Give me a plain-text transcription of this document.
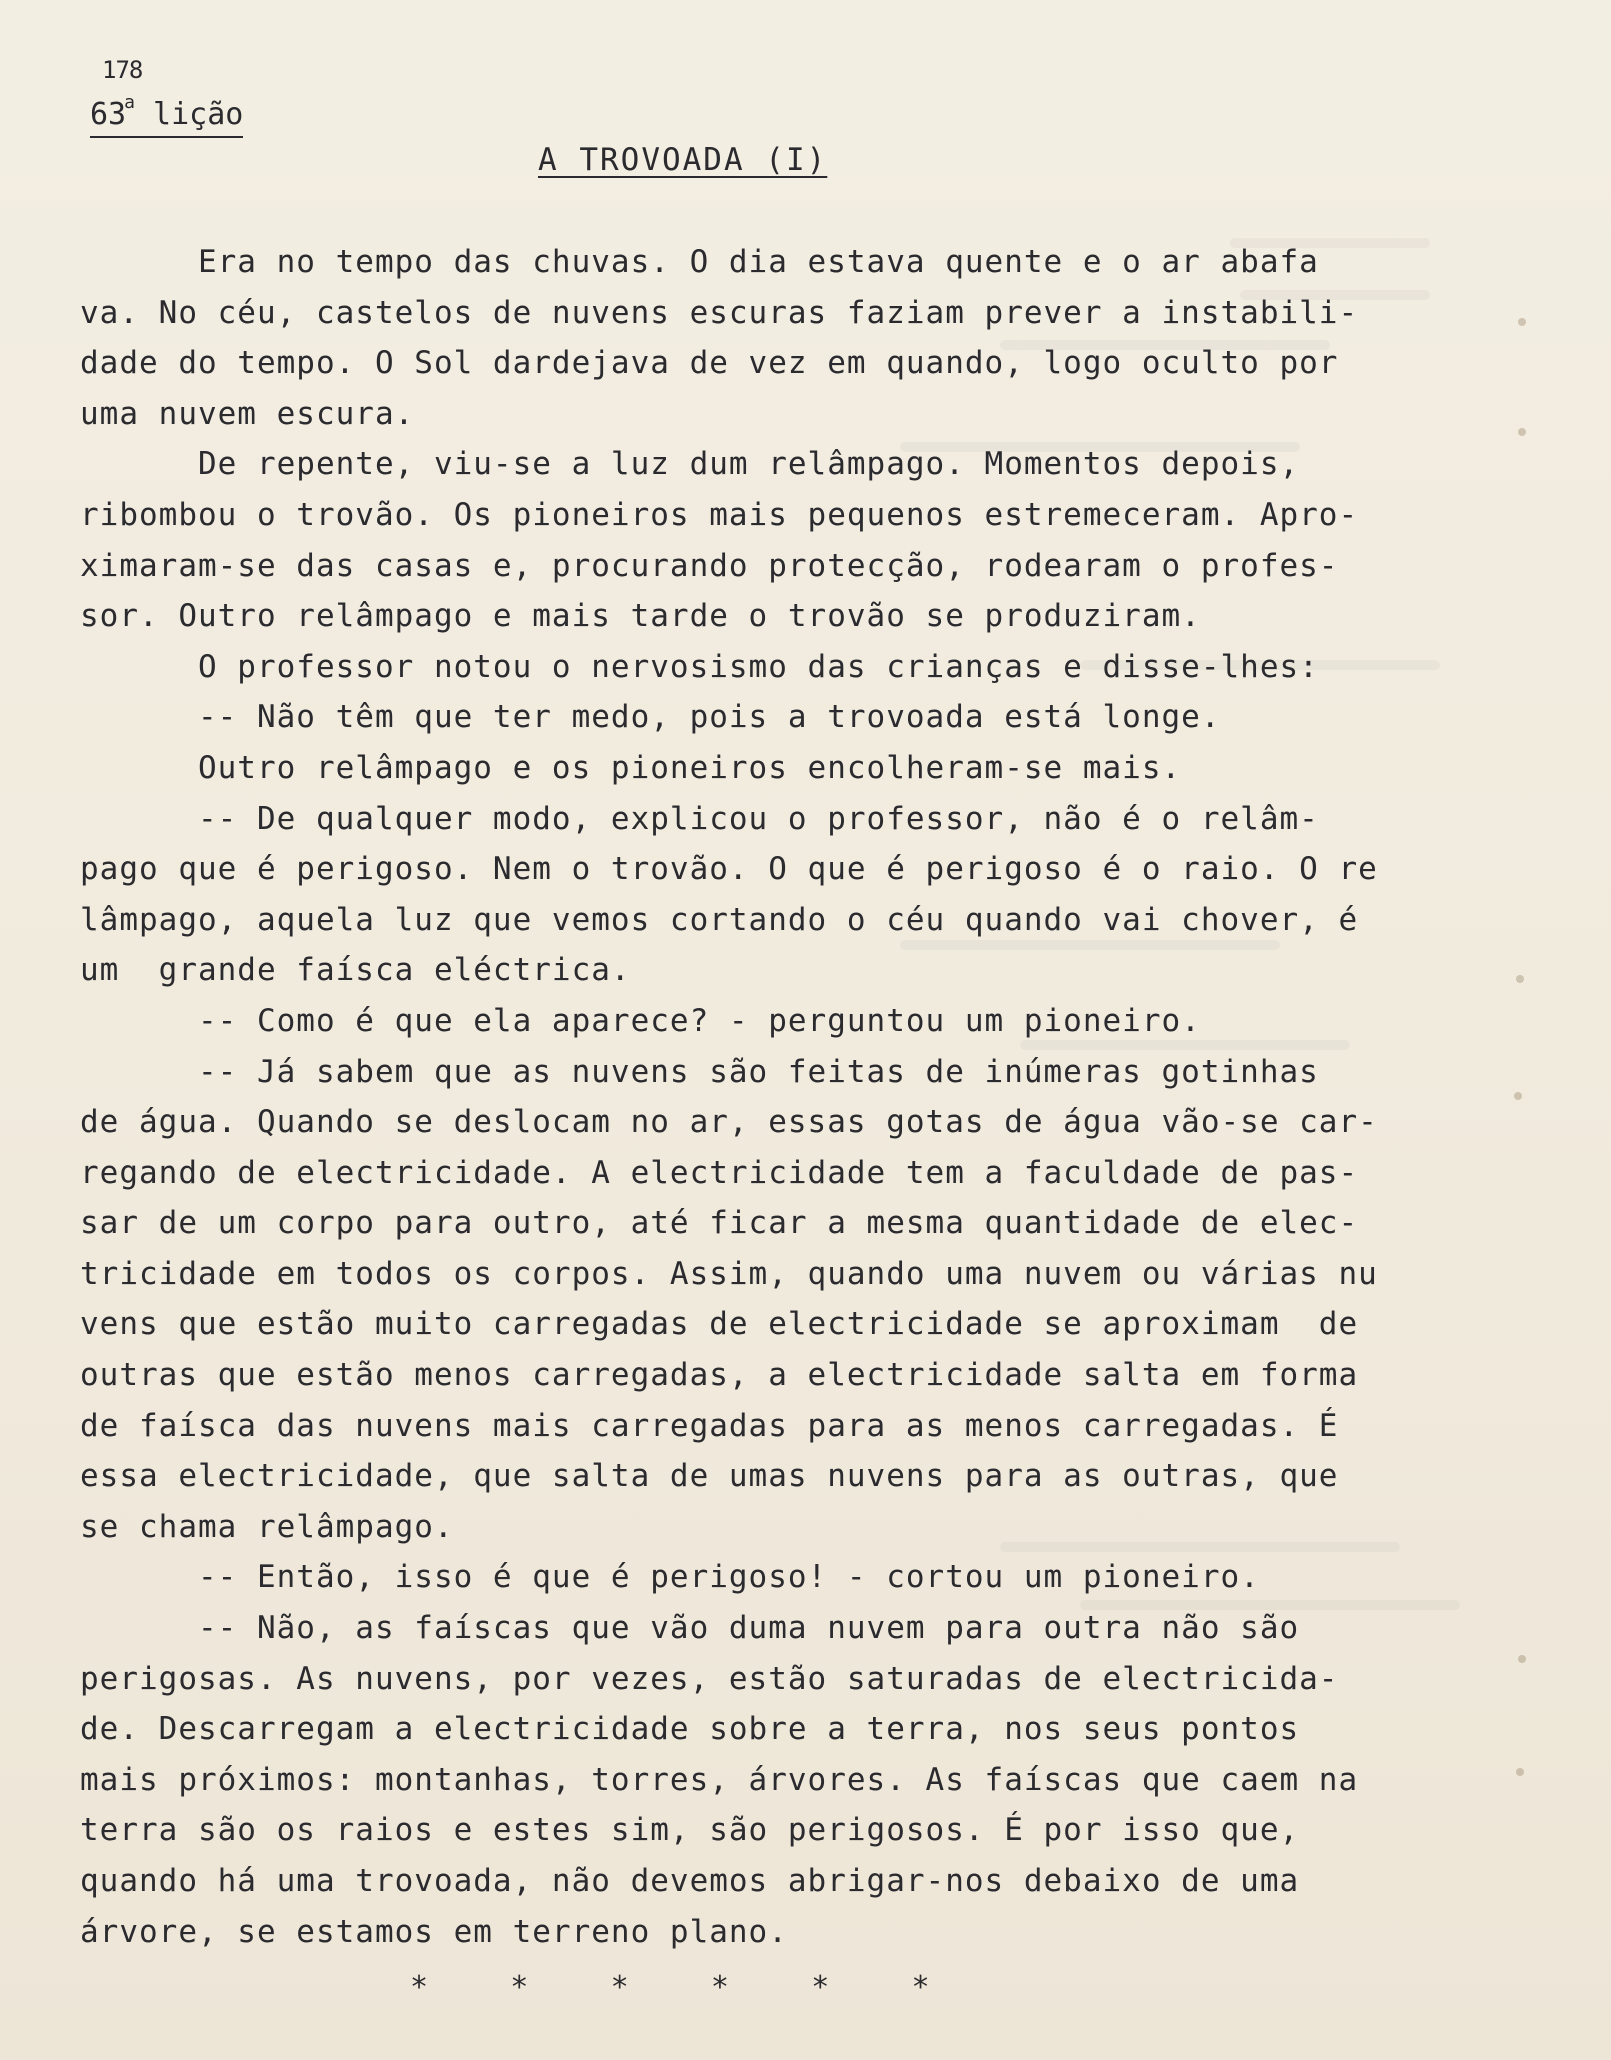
178
63$^a$ lição
A TROVOADA (I)
Era no tempo das chuvas. O dia estava quente e o ar abafa
va. No céu, castelos de nuvens escuras faziam prever a instabili-
dade do tempo. O Sol dardejava de vez em quando, logo oculto por
uma nuvem escura.
De repente, viu-se a luz dum relâmpago. Momentos depois,
ribombou o trovão. Os pioneiros mais pequenos estremeceram. Apro-
ximaram-se das casas e, procurando protecção, rodearam o profes-
sor. Outro relâmpago e mais tarde o trovão se produziram.
O professor notou o nervosismo das crianças e disse-lhes:
-- Não têm que ter medo, pois a trovoada está longe.
Outro relâmpago e os pioneiros encolheram-se mais.
-- De qualquer modo, explicou o professor, não é o relâm-
pago que é perigoso. Nem o trovão. O que é perigoso é o raio. O re
lâmpago, aquela luz que vemos cortando o céu quando vai chover, é
um  grande faísca eléctrica.
-- Como é que ela aparece? - perguntou um pioneiro.
-- Já sabem que as nuvens são feitas de inúmeras gotinhas
de água. Quando se deslocam no ar, essas gotas de água vão-se car-
regando de electricidade. A electricidade tem a faculdade de pas-
sar de um corpo para outro, até ficar a mesma quantidade de elec-
tricidade em todos os corpos. Assim, quando uma nuvem ou várias nu
vens que estão muito carregadas de electricidade se aproximam  de
outras que estão menos carregadas, a electricidade salta em forma
de faísca das nuvens mais carregadas para as menos carregadas. É
essa electricidade, que salta de umas nuvens para as outras, que
se chama relâmpago.
-- Então, isso é que é perigoso! - cortou um pioneiro.
-- Não, as faíscas que vão duma nuvem para outra não são
perigosas. As nuvens, por vezes, estão saturadas de electricida-
de. Descarregam a electricidade sobre a terra, nos seus pontos
mais próximos: montanhas, torres, árvores. As faíscas que caem na
terra são os raios e estes sim, são perigosos. É por isso que,
quando há uma trovoada, não devemos abrigar-nos debaixo de uma
árvore, se estamos em terreno plano.
*    *    *    *    *    *
